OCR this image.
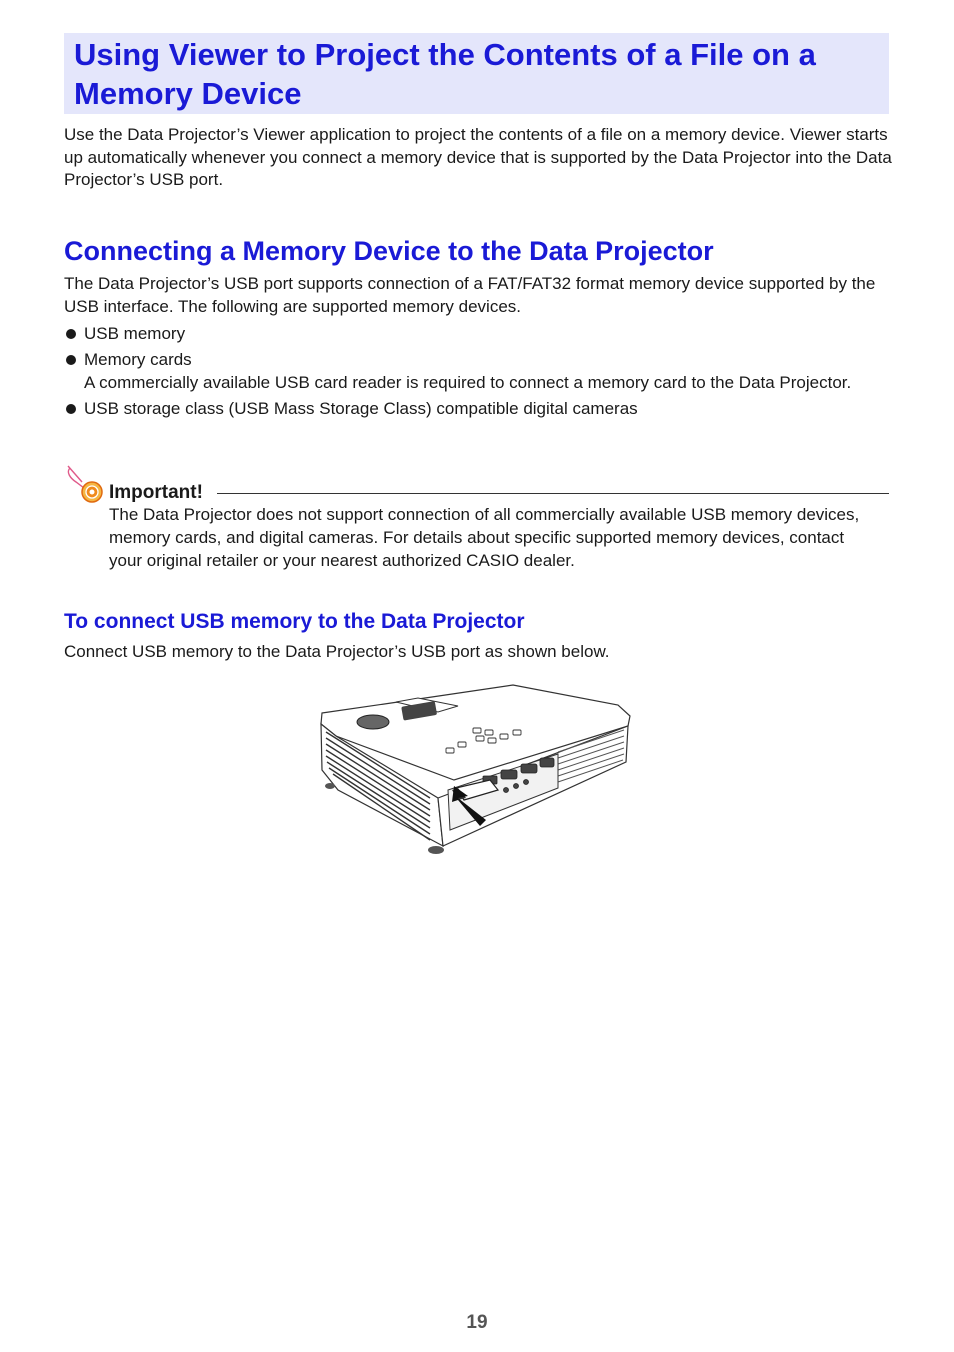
Using Viewer to Project the Contents of a File on a Memory Device

Use the Data Projector’s Viewer application to project the contents of a file on a memory device. Viewer starts up automatically whenever you connect a memory device that is supported by the Data Projector into the Data Projector’s USB port.

Connecting a Memory Device to the Data Projector

The Data Projector’s USB port supports connection of a FAT/FAT32 format memory device supported by the USB interface. The following are supported memory devices.

USB memory
Memory cards
A commercially available USB card reader is required to connect a memory card to the Data Projector.
USB storage class (USB Mass Storage Class) compatible digital cameras
Important!

The Data Projector does not support connection of all commercially available USB memory devices, memory cards, and digital cameras. For details about specific supported memory devices, contact your original retailer or your nearest authorized CASIO dealer.

To connect USB memory to the Data Projector

Connect USB memory to the Data Projector’s USB port as shown below.

19
